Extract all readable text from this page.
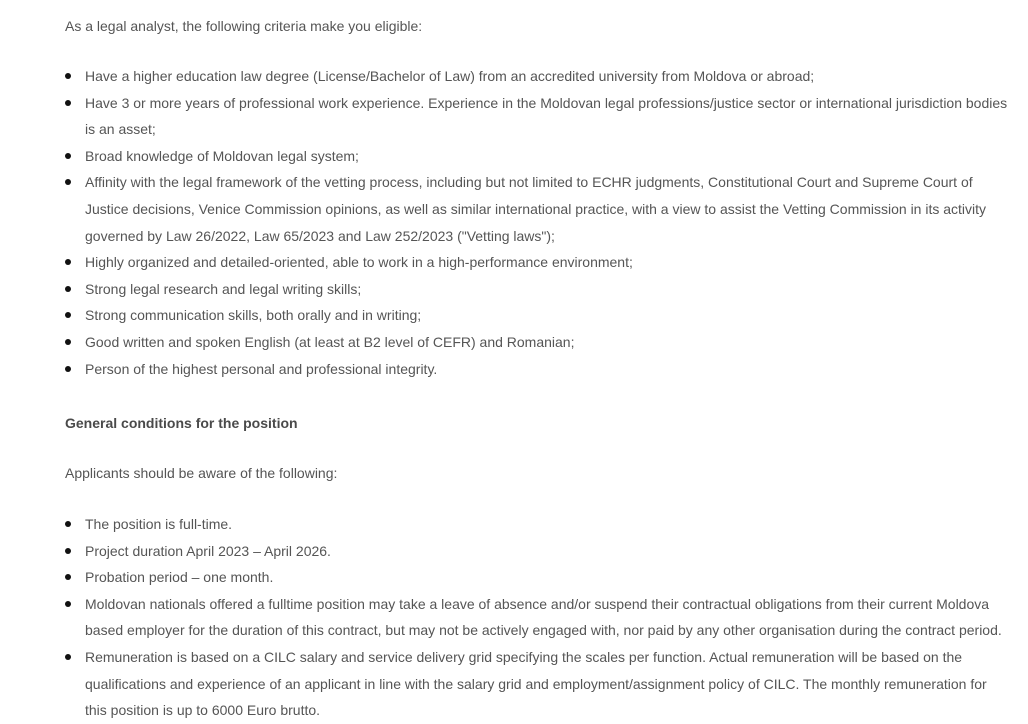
As a legal analyst, the following criteria make you eligible:

Have a higher education law degree (License/Bachelor of Law) from an accredited university from Moldova or abroad;
Have 3 or more years of professional work experience. Experience in the Moldovan legal professions/justice sector or international jurisdiction bodies is an asset;
Broad knowledge of Moldovan legal system;
Affinity with the legal framework of the vetting process, including but not limited to ECHR judgments, Constitutional Court and Supreme Court of Justice decisions, Venice Commission opinions, as well as similar international practice, with a view to assist the Vetting Commission in its activity governed by Law 26/2022, Law 65/2023 and Law 252/2023 ("Vetting laws");
Highly organized and detailed-oriented, able to work in a high-performance environment;
Strong legal research and legal writing skills;
Strong communication skills, both orally and in writing;
Good written and spoken English (at least at B2 level of CEFR) and Romanian;
Person of the highest personal and professional integrity.

General conditions for the position

Applicants should be aware of the following:

The position is full-time.
Project duration April 2023 – April 2026.
Probation period – one month.
Moldovan nationals offered a fulltime position may take a leave of absence and/or suspend their contractual obligations from their current Moldova based employer for the duration of this contract, but may not be actively engaged with, nor paid by any other organisation during the contract period.
Remuneration is based on a CILC salary and service delivery grid specifying the scales per function. Actual remuneration will be based on the qualifications and experience of an applicant in line with the salary grid and employment/assignment policy of CILC. The monthly remuneration for this position is up to 6000 Euro brutto.
